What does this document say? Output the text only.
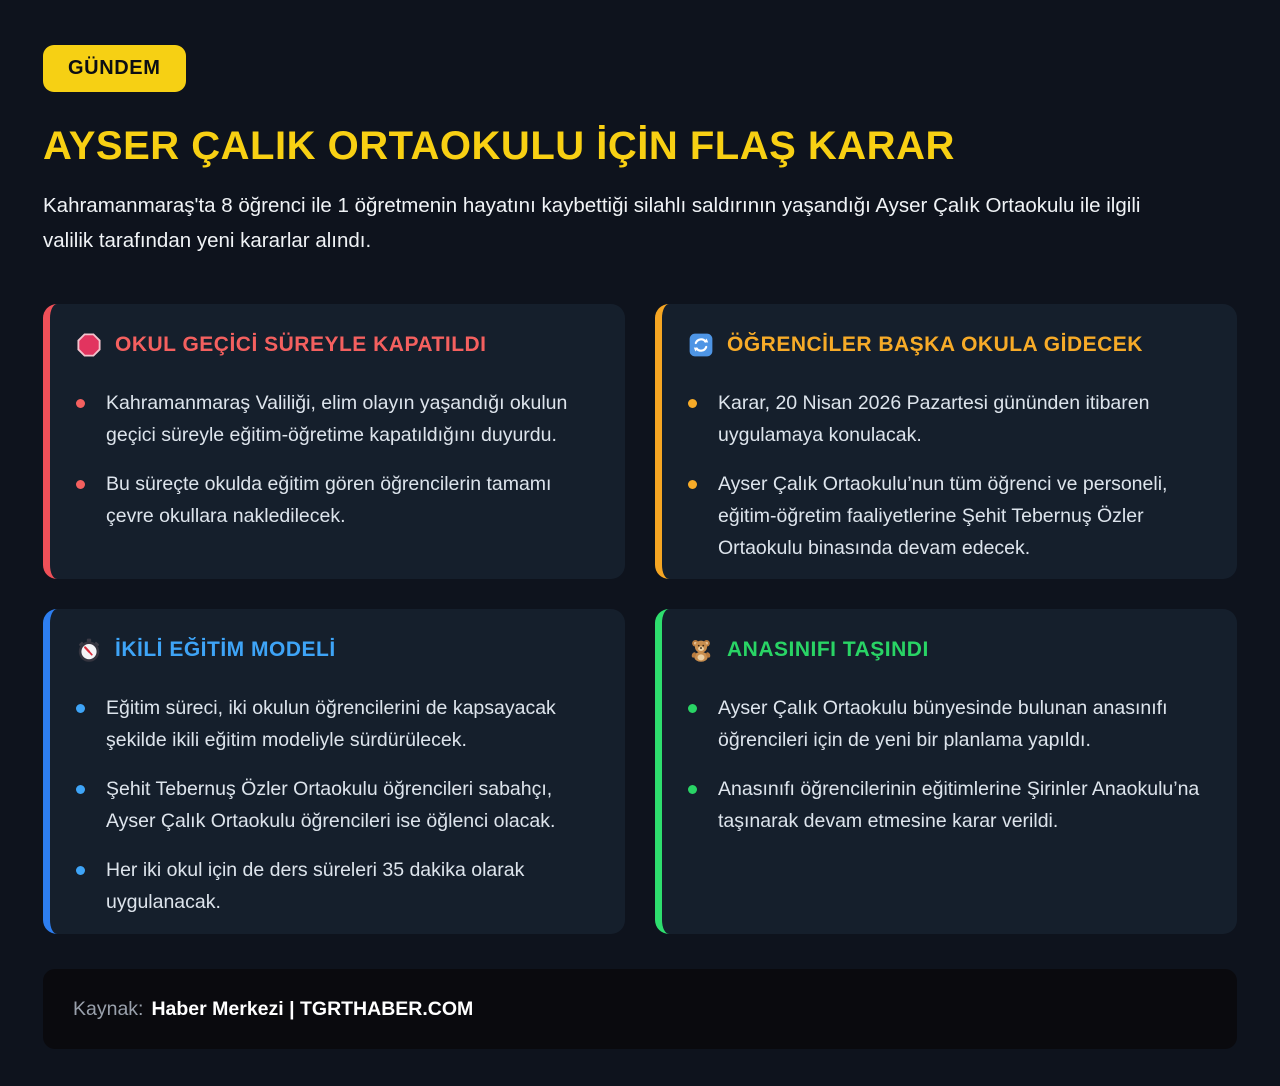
GÜNDEM
AYSER ÇALIK ORTAOKULU İÇİN FLAŞ KARAR

Kahramanmaraş'ta 8 öğrenci ile 1 öğretmenin hayatını kaybettiği silahlı saldırının yaşandığı Ayser Çalık Ortaokulu ile ilgili valilik tarafından yeni kararlar alındı.

OKUL GEÇİCİ SÜREYLE KAPATILDI
Kahramanmaraş Valiliği, elim olayın yaşandığı okulun geçici süreyle eğitim-öğretime kapatıldığını duyurdu.
Bu süreçte okulda eğitim gören öğrencilerin tamamı çevre okullara nakledilecek.
ÖĞRENCİLER BAŞKA OKULA GİDECEK
Karar, 20 Nisan 2026 Pazartesi gününden itibaren uygulamaya konulacak.
Ayser Çalık Ortaokulu’nun tüm öğrenci ve personeli, eğitim-öğretim faaliyetlerine Şehit Tebernuş Özler Ortaokulu binasında devam edecek.
İKİLİ EĞİTİM MODELİ
Eğitim süreci, iki okulun öğrencilerini de kapsayacak şekilde ikili eğitim modeliyle sürdürülecek.
Şehit Tebernuş Özler Ortaokulu öğrencileri sabahçı, Ayser Çalık Ortaokulu öğrencileri ise öğlenci olacak.
Her iki okul için de ders süreleri 35 dakika olarak uygulanacak.
ANASINIFI TAŞINDI
Ayser Çalık Ortaokulu bünyesinde bulunan anasınıfı öğrencileri için de yeni bir planlama yapıldı.
Anasınıfı öğrencilerinin eğitimlerine Şirinler Anaokulu’na taşınarak devam etmesine karar verildi.
Kaynak: Haber Merkezi | TGRTHABER.COM
